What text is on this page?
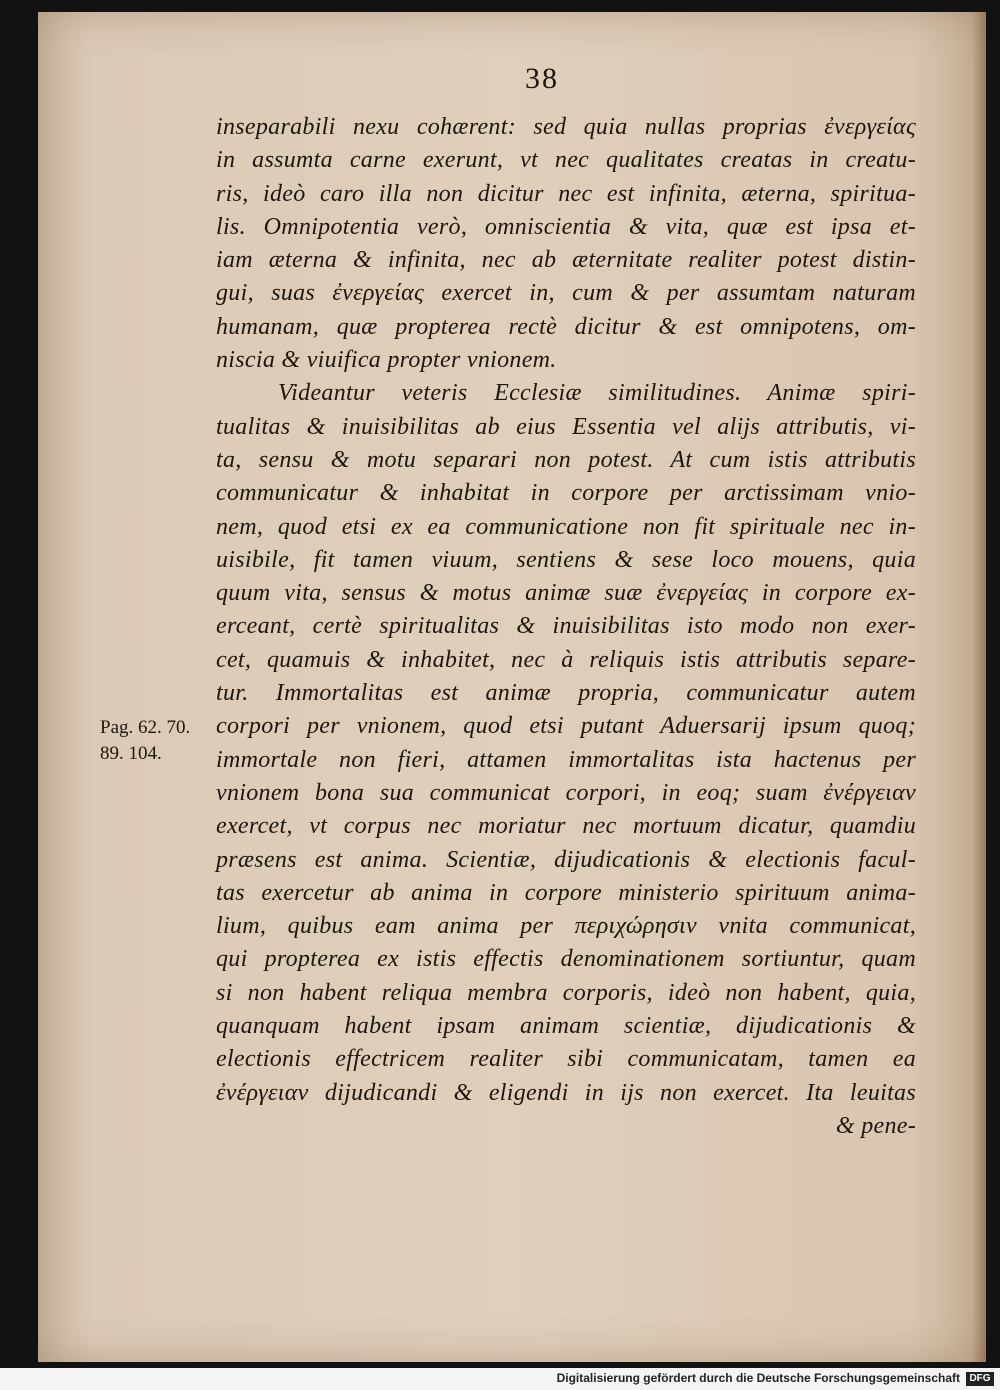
38
inseparabili nexu cohærent: sed quia nullas proprias ἐνεργείας
in assumta carne exerunt, vt nec qualitates creatas in creatu-
ris, ideò caro illa non dicitur nec est infinita, æterna, spiritua-
lis. Omnipotentia verò, omniscientia & vita, quæ est ipsa et-
iam æterna & infinita, nec ab æternitate realiter potest distin-
gui, suas ἐνεργείας exercet in, cum & per assumtam naturam
humanam, quæ propterea rectè dicitur & est omnipotens, om-
niscia & viuifica propter vnionem.
Videantur veteris Ecclesiæ similitudines. Animæ spiri-
tualitas & inuisibilitas ab eius Essentia vel alijs attributis, vi-
ta, sensu & motu separari non potest. At cum istis attributis
communicatur & inhabitat in corpore per arctissimam vnio-
nem, quod etsi ex ea communicatione non fit spirituale nec in-
uisibile, fit tamen viuum, sentiens & sese loco mouens, quia
quum vita, sensus & motus animæ suæ ἐνεργείας in corpore ex-
erceant, certè spiritualitas & inuisibilitas isto modo non exer-
cet, quamuis & inhabitet, nec à reliquis istis attributis separe-
tur. Immortalitas est animæ propria, communicatur autem
corpori per vnionem, quod etsi putant Aduersarij ipsum quoq;
immortale non fieri, attamen immortalitas ista hactenus per
vnionem bona sua communicat corpori, in eoq; suam ἐνέργειαν
exercet, vt corpus nec moriatur nec mortuum dicatur, quamdiu
præsens est anima. Scientiæ, dijudicationis & electionis facul-
tas exercetur ab anima in corpore ministerio spirituum anima-
lium, quibus eam anima per περιχώρησιν vnita communicat,
qui propterea ex istis effectis denominationem sortiuntur, quam
si non habent reliqua membra corporis, ideò non habent, quia,
quanquam habent ipsam animam scientiæ, dijudicationis &
electionis effectricem realiter sibi communicatam, tamen ea
ἐνέργειαν dijudicandi & eligendi in ijs non exercet. Ita leuitas
& pene-
Pag. 62. 70.
89. 104.
Digitalisierung gefördert durch die Deutsche Forschungsgemeinschaft DFG
